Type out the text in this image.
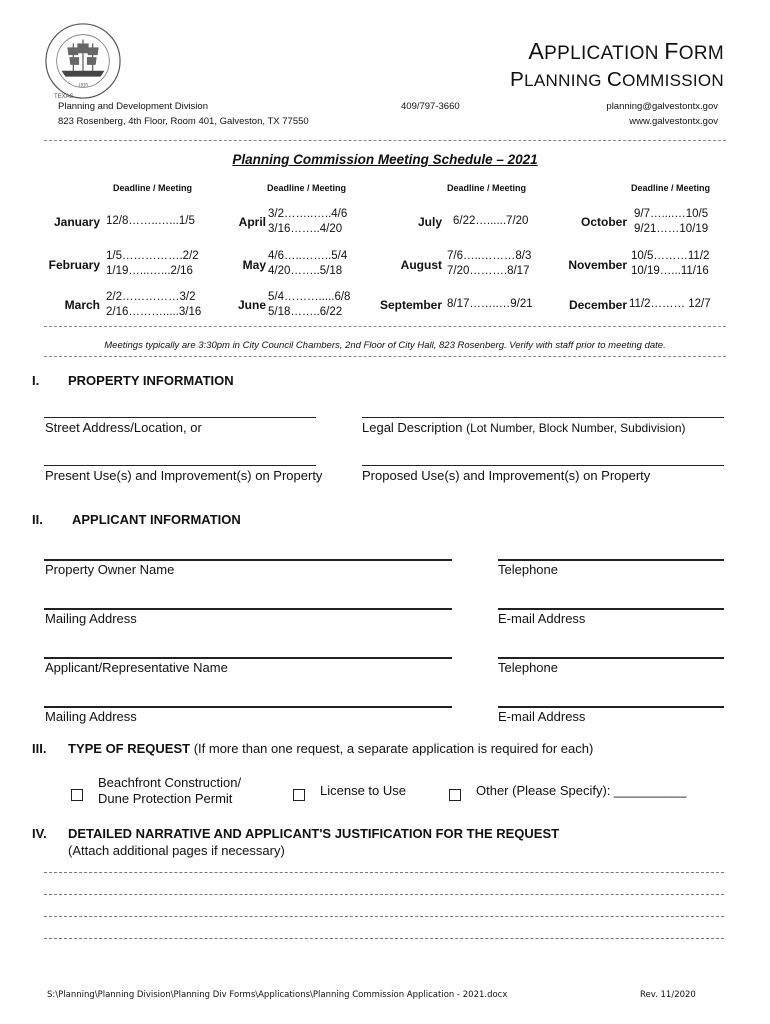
1839
TEXAS
APPLICATION FORM
PLANNING COMMISSION
Planning and Development Division
823 Rosenberg, 4th Floor, Room 401, Galveston, TX 77550
409/797-3660	planning@galvestontx.gov
www.galvestontx.gov
Planning Commission Meeting Schedule – 2021
Deadline / Meeting	Deadline / Meeting	Deadline / Meeting	Deadline / Meeting
January 12/8……..…...1/5
February
1/5…………….2/2
1/19…...…...2/16
March
2/2……………3/2
2/16……….....3/16
April
3/2……..…..4/6
3/16……..4/20
May
4/6…..……..5/4
4/20……..5/18
June
5/4……….....6/8
5/18……..6/22
July 6/22…......7/20
August
7/6…..………8/3
7/20……….8/17
September 8/17……..…9/21
October
9/7…....…10/5
9/21……10/19
November
10/5………11/2
10/19…...11/16
December 11/2……… 12/7
Meetings typically are 3:30pm in City Council Chambers, 2nd Floor of City Hall, 823 Rosenberg. Verify with staff prior to meeting date.
I. PROPERTY INFORMATION
Street Address/Location, or	Legal Description (Lot Number, Block Number, Subdivision)
Present Use(s) and Improvement(s) on Property	Proposed Use(s) and Improvement(s) on Property
II. APPLICANT INFORMATION
Property Owner Name	Telephone
Mailing Address	E-mail Address
Applicant/Representative Name	Telephone
Mailing Address	E-mail Address
III. TYPE OF REQUEST (If more than one request, a separate application is required for each)
Beachfront Construction/
Dune Protection Permit
License to Use	Other (Please Specify): __________
IV. DETAILED NARRATIVE AND APPLICANT'S JUSTIFICATION FOR THE REQUEST
(Attach additional pages if necessary)
S:\Planning\Planning Division\Planning Div Forms\Applications\Planning Commission Application - 2021.docx	Rev. 11/2020
